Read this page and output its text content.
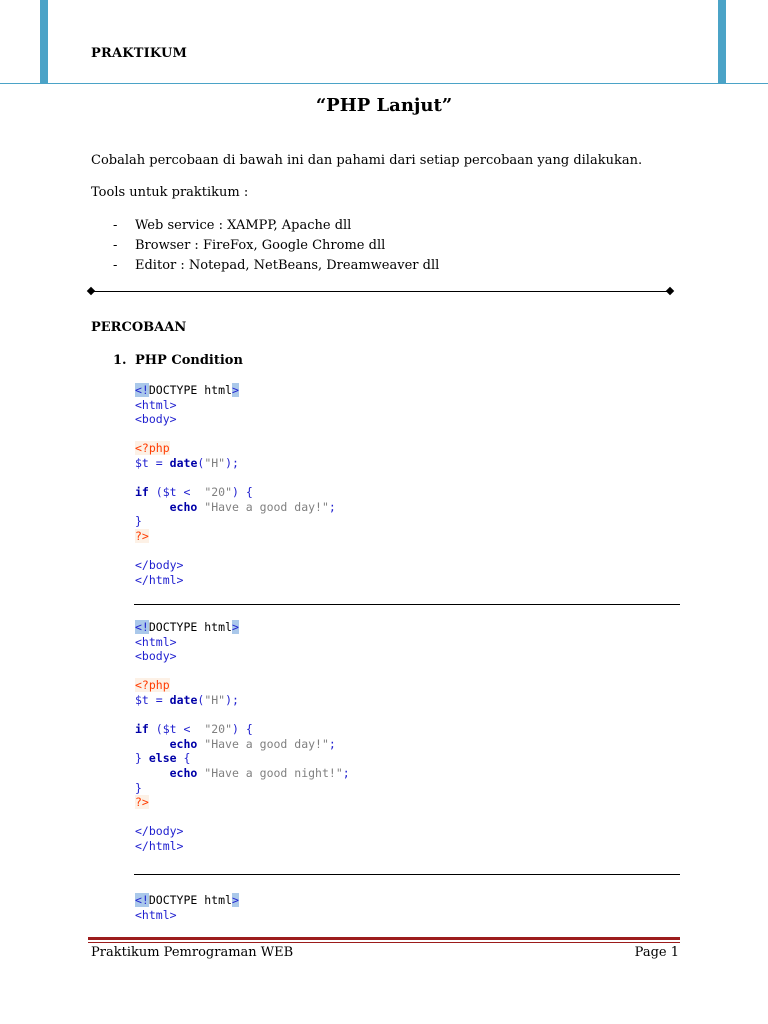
PRAKTIKUM
“PHP Lanjut”
Cobalah percobaan di bawah ini dan pahami dari setiap percobaan yang dilakukan.
Tools untuk praktikum :
- Web service : XAMPP, Apache dll
- Browser : FireFox, Google Chrome dll
- Editor : Notepad, NetBeans, Dreamweaver dll
PERCOBAAN
1. PHP Condition
<!DOCTYPE html>
<html>
<body>

<?php
$t = date("H");

if ($t < "20") {
echo "Have a good day!";
}
?>

</body>
</html>
<!DOCTYPE html>
<html>
<body>

<?php
$t = date("H");

if ($t < "20") {
echo "Have a good day!";
} else {
echo "Have a good night!";
}
?>

</body>
</html>
<!DOCTYPE html>
<html>
Praktikum Pemrograman WEB	Page 1
